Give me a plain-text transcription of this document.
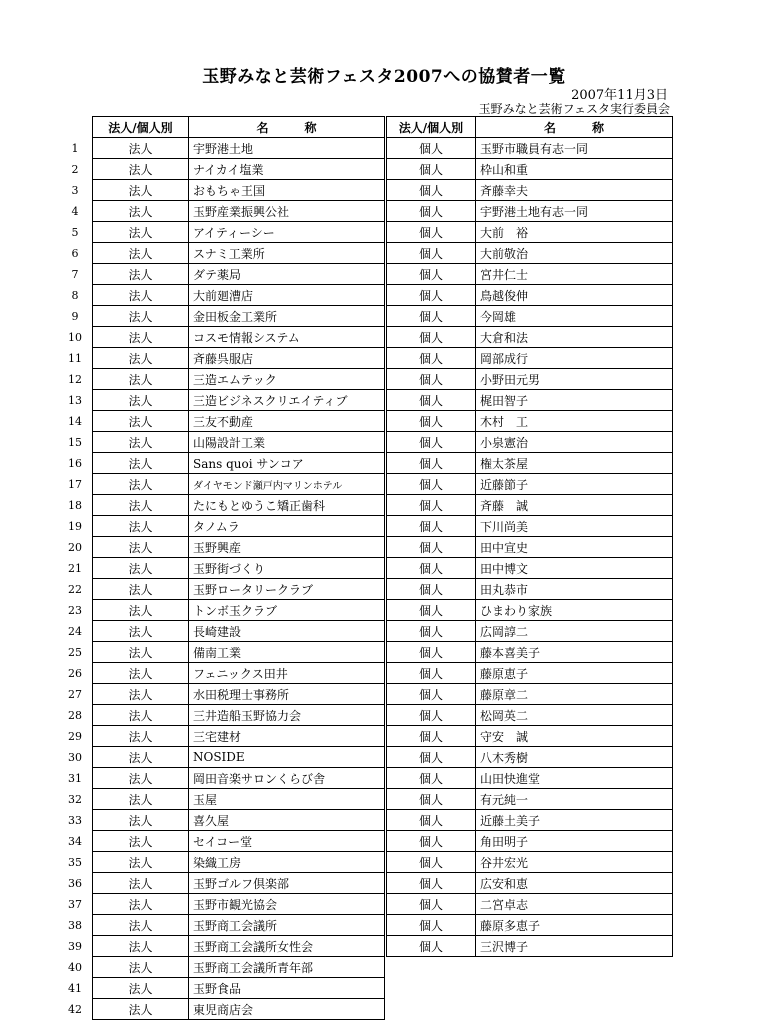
玉野みなと芸術フェスタ2007への協賛者一覧
2007年11月3日
玉野みなと芸術フェスタ実行委員会
	法人/個人別	名　　　称
1	法人	宇野港土地
2	法人	ナイカイ塩業
3	法人	おもちゃ王国
4	法人	玉野産業振興公社
5	法人	アイティーシー
6	法人	スナミ工業所
7	法人	ダテ薬局
8	法人	大前廻漕店
9	法人	金田板金工業所
10	法人	コスモ情報システム
11	法人	斉藤呉服店
12	法人	三造エムテック
13	法人	三造ビジネスクリエイティブ
14	法人	三友不動産
15	法人	山陽設計工業
16	法人	Sans quoi サンコア
17	法人	ダイヤモンド瀬戸内マリンホテル
18	法人	たにもとゆうこ矯正歯科
19	法人	タノムラ
20	法人	玉野興産
21	法人	玉野街づくり
22	法人	玉野ロータリークラブ
23	法人	トンボ玉クラブ
24	法人	長崎建設
25	法人	備南工業
26	法人	フェニックス田井
27	法人	水田税理士事務所
28	法人	三井造船玉野協力会
29	法人	三宅建材
30	法人	NOSIDE
31	法人	岡田音楽サロンくらび舎
32	法人	玉屋
33	法人	喜久屋
34	法人	セイコー堂
35	法人	染織工房
36	法人	玉野ゴルフ倶楽部
37	法人	玉野市観光協会
38	法人	玉野商工会議所
39	法人	玉野商工会議所女性会
40	法人	玉野商工会議所青年部
41	法人	玉野食品
42	法人	東児商店会
法人/個人別	名　　　称
個人	玉野市職員有志一同
個人	枠山和重
個人	斉藤幸夫
個人	宇野港土地有志一同
個人	大前　裕
個人	大前敬治
個人	宮井仁士
個人	鳥越俊伸
個人	今岡雄
個人	大倉和法
個人	岡部成行
個人	小野田元男
個人	梶田智子
個人	木村　工
個人	小泉憲治
個人	権太茶屋
個人	近藤節子
個人	斉藤　誠
個人	下川尚美
個人	田中宣史
個人	田中博文
個人	田丸恭市
個人	ひまわり家族
個人	広岡諄二
個人	藤本喜美子
個人	藤原恵子
個人	藤原章二
個人	松岡英二
個人	守安　誠
個人	八木秀樹
個人	山田快進堂
個人	有元純一
個人	近藤土美子
個人	角田明子
個人	谷井宏光
個人	広安和恵
個人	二宮卓志
個人	藤原多恵子
個人	三沢博子
